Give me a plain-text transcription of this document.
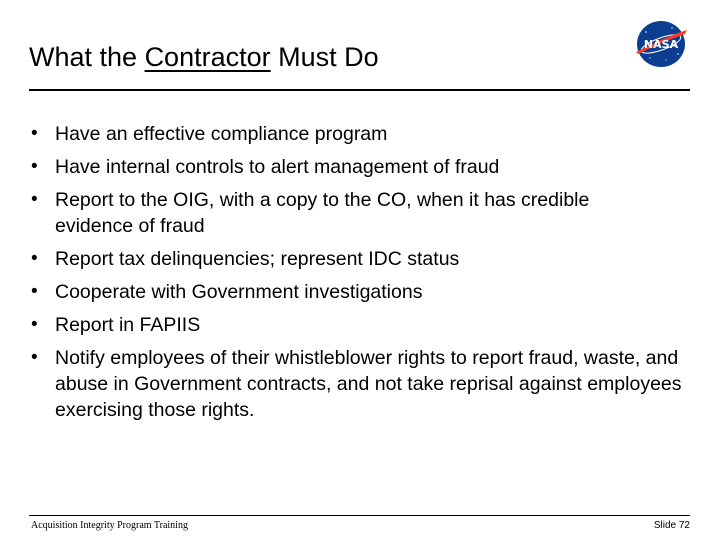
What the Contractor Must Do	NASA
• Have an effective compliance program
• Have internal controls to alert management of fraud
• Report to the OIG, with a copy to the CO, when it has credible evidence of fraud
• Report tax delinquencies; represent IDC status
• Cooperate with Government investigations
• Report in FAPIIS
• Notify employees of their whistleblower rights to report fraud, waste, and abuse in Government contracts, and not take reprisal against employees exercising those rights.
Acquisition Integrity Program Training	Slide 72
